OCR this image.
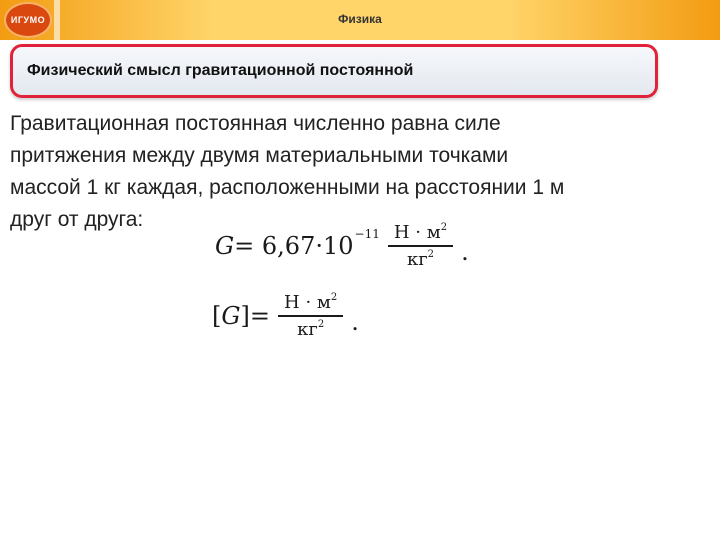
ИГУМО	Физика
Физический смысл гравитационной постоянной
Гравитационная постоянная численно равна силе
притяжения между двумя материальными точками
массой 1 кг каждая, расположенными на расстоянии 1 м
друг от друга:
$G = 6,67\cdot 10 -11 \frac{Н \cdot м^2}{кг^2}$ .
[ G ] = $\frac{Н \cdot м^2}{кг^2}$ .
